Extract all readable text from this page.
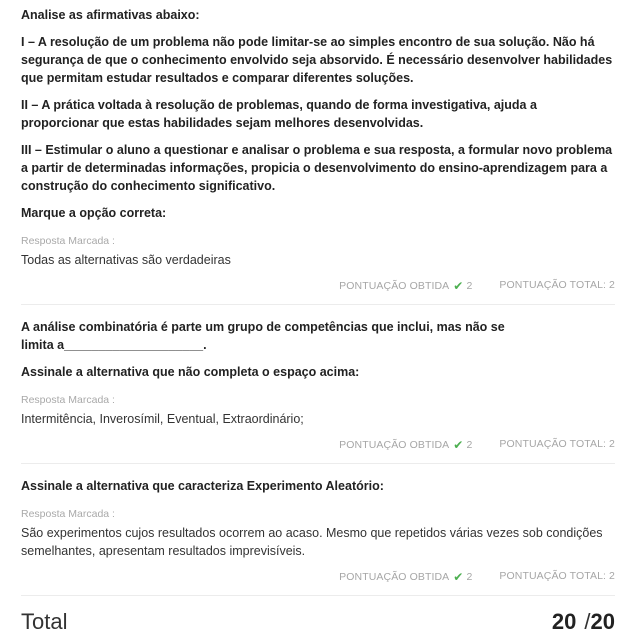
Analise as afirmativas abaixo:

I – A resolução de um problema não pode limitar-se ao simples encontro de sua solução. Não há segurança de que o conhecimento envolvido seja absorvido. É necessário desenvolver habilidades que permitam estudar resultados e comparar diferentes soluções.

II – A prática voltada à resolução de problemas, quando de forma investigativa, ajuda a proporcionar que estas habilidades sejam melhores desenvolvidas.

III – Estimular o aluno a questionar e analisar o problema e sua resposta, a formular novo problema a partir de determinadas informações, propicia o desenvolvimento do ensino-aprendizagem para a construção do conhecimento significativo.

Marque a opção correta:

Resposta Marcada :
Todas as alternativas são verdadeiras
PONTUAÇÃO OBTIDA ✔ 2	PONTUAÇÃO TOTAL: 2

A análise combinatória é parte um grupo de competências que inclui, mas não se limita a____________________.

Assinale a alternativa que não completa o espaço acima:

Resposta Marcada :
Intermitência, Inverosímil, Eventual, Extraordinário;
PONTUAÇÃO OBTIDA ✔ 2	PONTUAÇÃO TOTAL: 2

Assinale a alternativa que caracteriza Experimento Aleatório:

Resposta Marcada :
São experimentos cujos resultados ocorrem ao acaso. Mesmo que repetidos várias vezes sob condições semelhantes, apresentam resultados imprevisíveis.
PONTUAÇÃO OBTIDA ✔ 2	PONTUAÇÃO TOTAL: 2
Total	20 /20
